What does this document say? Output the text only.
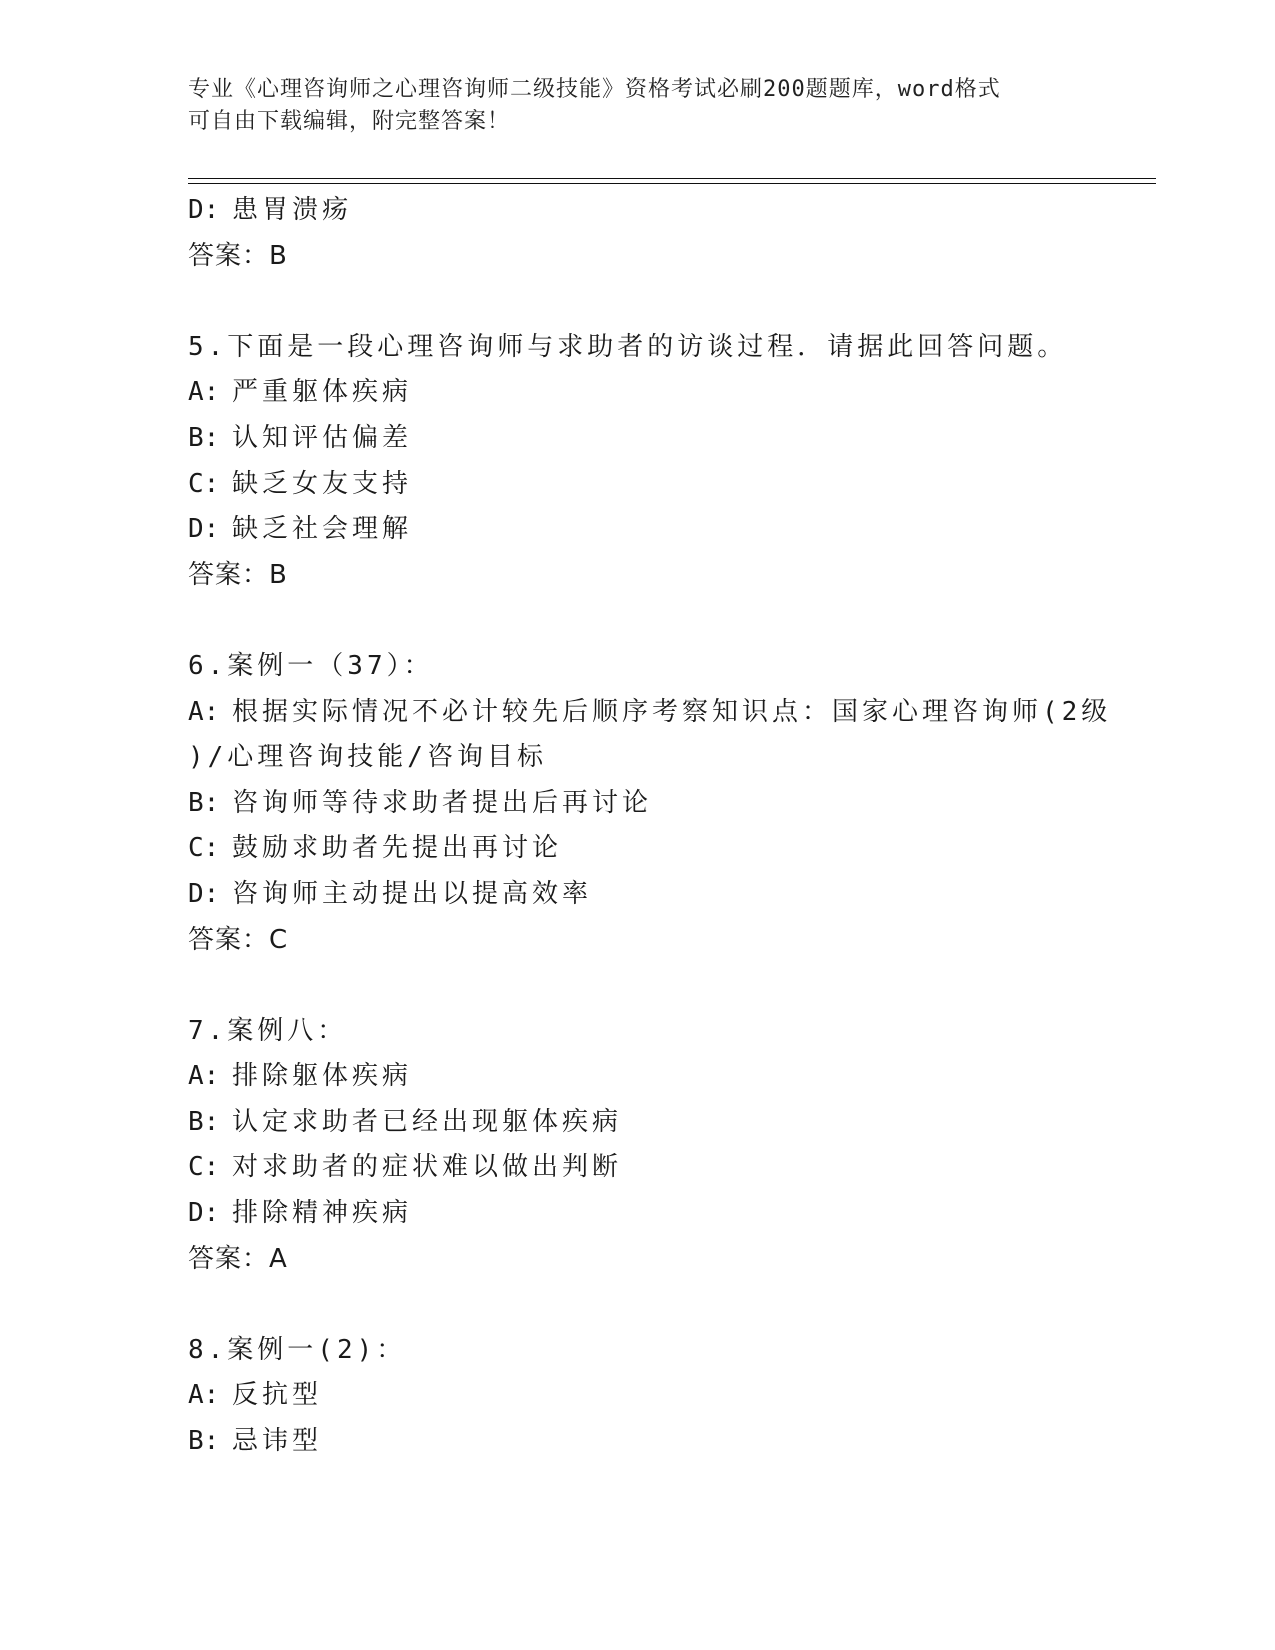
专业《心理咨询师之心理咨询师二级技能》资格考试必刷200题题库，word格式
可自由下载编辑，附完整答案！
D: 患胃溃疡
答案：B
5.下面是一段心理咨询师与求助者的访谈过程．请据此回答问题。
A: 严重躯体疾病
B: 认知评估偏差
C: 缺乏女友支持
D: 缺乏社会理解
答案：B
6.案例一（37）：
A: 根据实际情况不必计较先后顺序考察知识点：国家心理咨询师(2级
)/心理咨询技能/咨询目标
B: 咨询师等待求助者提出后再讨论
C: 鼓励求助者先提出再讨论
D: 咨询师主动提出以提高效率
答案：C
7.案例八：
A: 排除躯体疾病
B: 认定求助者已经出现躯体疾病
C: 对求助者的症状难以做出判断
D: 排除精神疾病
答案：A
8.案例一(2)：
A: 反抗型
B: 忌讳型
